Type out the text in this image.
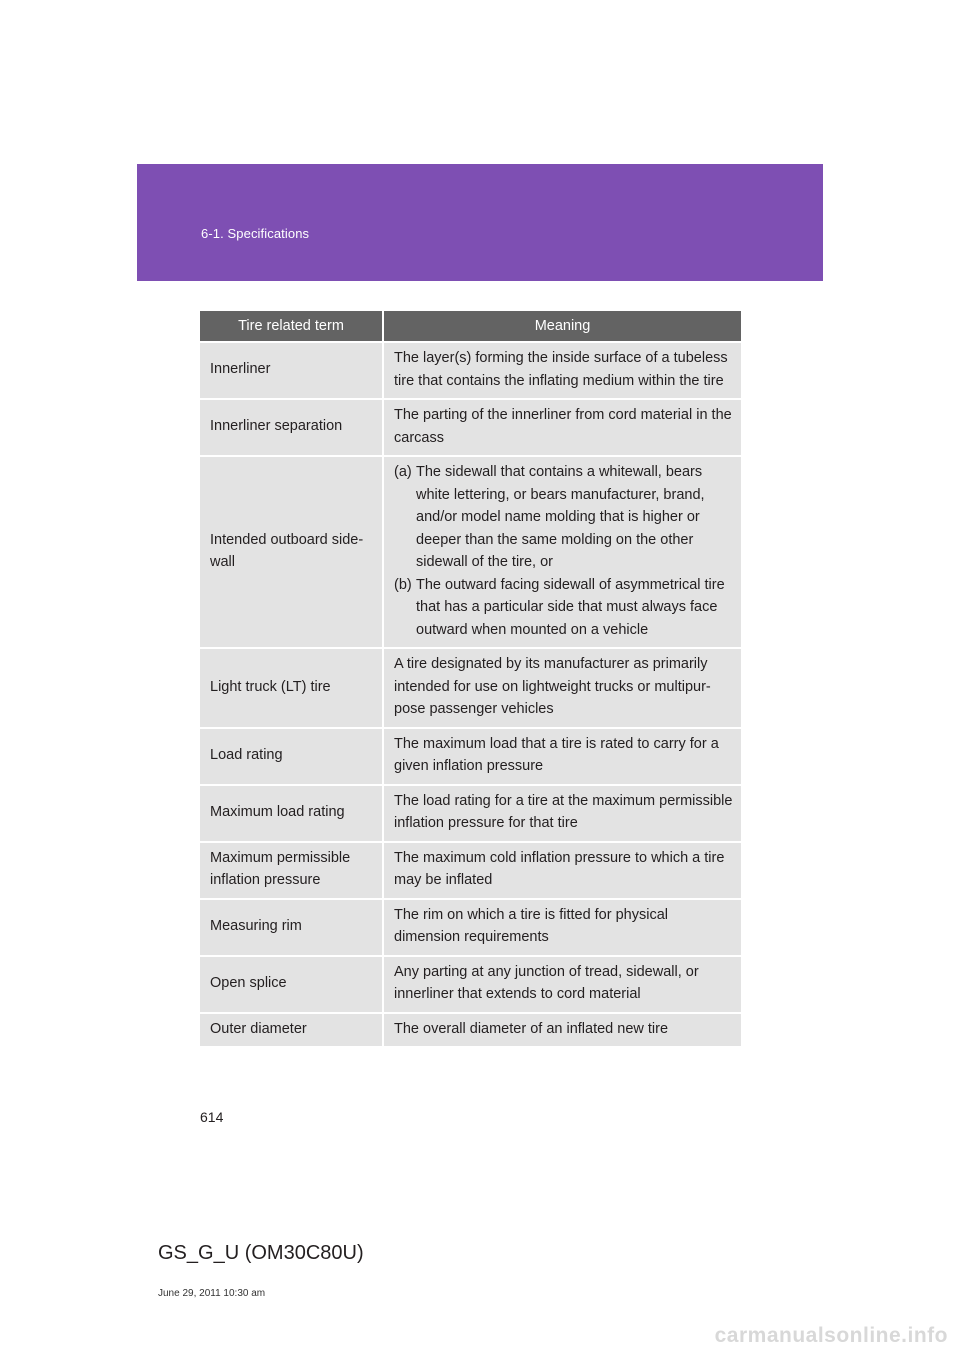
6-1. Specifications
Tire related term	Meaning
Innerliner	The layer(s) forming the inside surface of a tubeless tire that contains the inflating medium within the tire
Innerliner separation	The parting of the innerliner from cord material in the carcass
Intended outboard side-wall	(a) The sidewall that contains a whitewall, bears white lettering, or bears manufacturer, brand, and/or model name molding that is higher or deeper than the same molding on the other sidewall of the tire, or
(b) The outward facing sidewall of asymmetrical tire that has a particular side that must always face outward when mounted on a vehicle

Light truck (LT) tire	A tire designated by its manufacturer as primarily intended for use on lightweight trucks or multipur-pose passenger vehicles
Load rating	The maximum load that a tire is rated to carry for a given inflation pressure
Maximum load rating	The load rating for a tire at the maximum permissible inflation pressure for that tire
Maximum permissible inflation pressure	The maximum cold inflation pressure to which a tire may be inflated
Measuring rim	The rim on which a tire is fitted for physical dimension requirements
Open splice	Any parting at any junction of tread, sidewall, or innerliner that extends to cord material
Outer diameter	The overall diameter of an inflated new tire
614
GS_G_U (OM30C80U)
June 29, 2011 10:30 am
carmanualsonline.info
